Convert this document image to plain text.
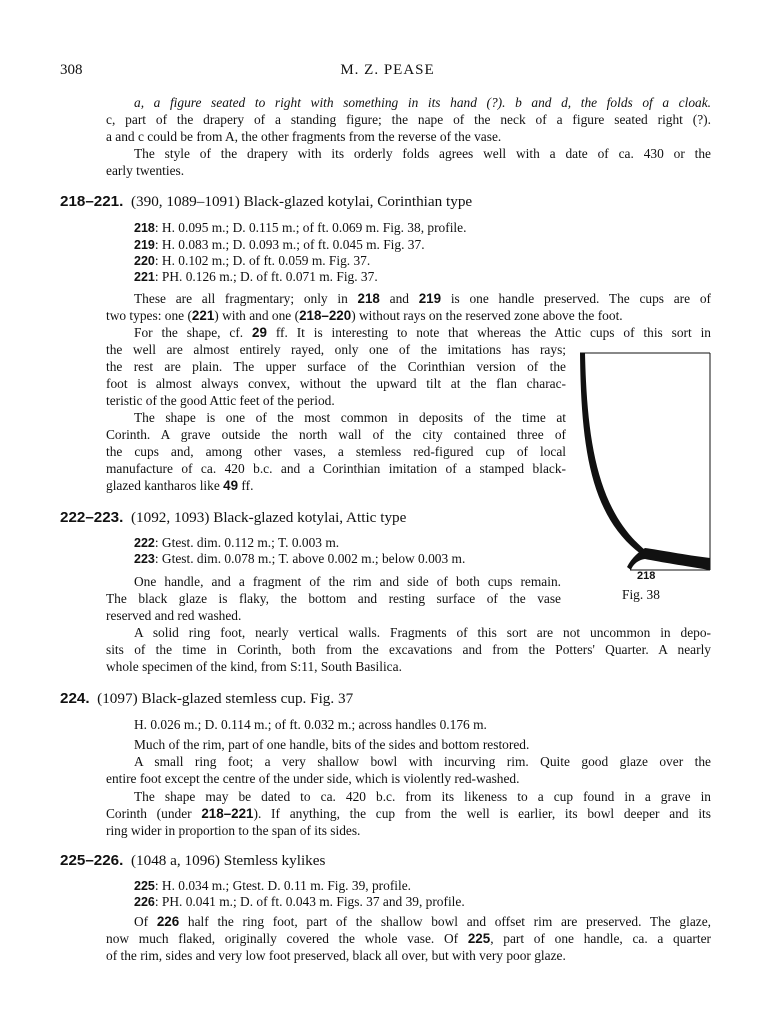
308	M. Z. PEASE
a, a figure seated to right with something in its hand (?). b and d, the folds of a cloak.
c, part of the drapery of a standing figure; the nape of the neck of a figure seated right (?).
a and c could be from A, the other fragments from the reverse of the vase.
The style of the drapery with its orderly folds agrees well with a date of ca. 430 or the
early twenties.
218–221. (390, 1089–1091) Black-glazed kotylai, Corinthian type
218: H. 0.095 m.; D. 0.115 m.; of ft. 0.069 m. Fig. 38, profile.
219: H. 0.083 m.; D. 0.093 m.; of ft. 0.045 m. Fig. 37.
220: H. 0.102 m.; D. of ft. 0.059 m. Fig. 37.
221: PH. 0.126 m.; D. of ft. 0.071 m. Fig. 37.
These are all fragmentary; only in 218 and 219 is one handle preserved. The cups are of
two types: one (221) with and one (218–220) without rays on the reserved zone above the foot.
For the shape, cf. 29 ff. It is interesting to note that whereas the Attic cups of this sort in
the well are almost entirely rayed, only one of the imitations has rays;
the rest are plain. The upper surface of the Corinthian version of the
foot is almost always convex, without the upward tilt at the flan charac-
teristic of the good Attic feet of the period.
The shape is one of the most common in deposits of the time at
Corinth. A grave outside the north wall of the city contained three of
the cups and, among other vases, a stemless red-figured cup of local
manufacture of ca. 420 b.c. and a Corinthian imitation of a stamped black-
glazed kantharos like 49 ff.
218
Fig. 38
222–223. (1092, 1093) Black-glazed kotylai, Attic type
222: Gtest. dim. 0.112 m.; T. 0.003 m.
223: Gtest. dim. 0.078 m.; T. above 0.002 m.; below 0.003 m.
One handle, and a fragment of the rim and side of both cups remain.
The black glaze is flaky, the bottom and resting surface of the vase
reserved and red washed.
A solid ring foot, nearly vertical walls. Fragments of this sort are not uncommon in depo-
sits of the time in Corinth, both from the excavations and from the Potters' Quarter. A nearly
whole specimen of the kind, from S:11, South Basilica.
224. (1097) Black-glazed stemless cup. Fig. 37
H. 0.026 m.; D. 0.114 m.; of ft. 0.032 m.; across handles 0.176 m.
Much of the rim, part of one handle, bits of the sides and bottom restored.
A small ring foot; a very shallow bowl with incurving rim. Quite good glaze over the
entire foot except the centre of the under side, which is violently red-washed.
The shape may be dated to ca. 420 b.c. from its likeness to a cup found in a grave in
Corinth (under 218–221). If anything, the cup from the well is earlier, its bowl deeper and its
ring wider in proportion to the span of its sides.
225–226. (1048 a, 1096) Stemless kylikes
225: H. 0.034 m.; Gtest. D. 0.11 m. Fig. 39, profile.
226: PH. 0.041 m.; D. of ft. 0.043 m. Figs. 37 and 39, profile.
Of 226 half the ring foot, part of the shallow bowl and offset rim are preserved. The glaze,
now much flaked, originally covered the whole vase. Of 225, part of one handle, ca. a quarter
of the rim, sides and very low foot preserved, black all over, but with very poor glaze.
